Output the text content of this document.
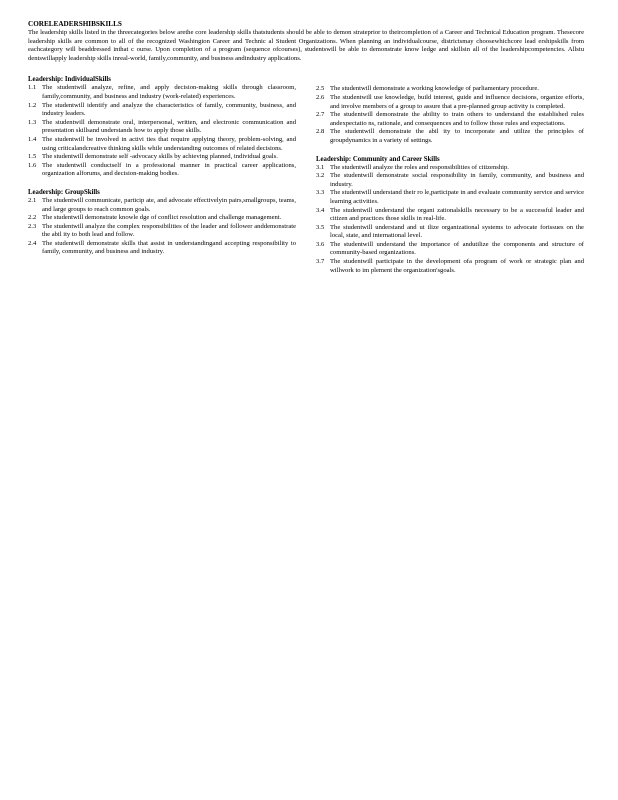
CORELEADERSHIBSKILLS

The leadership skills listed in the threecategories below arethe core leadership skills thatstudents should be able to demon strateprior to theircompletion of a Career and Technical Education program. Thesecore leadership skills are common to all of the recognized Washington Career and Technic al Student Organizations. When planning an individualcourse, districtsmay choosewhichcore lead ershipskills from eachcategory will beaddressed inthat c ourse. Upon completion of a program (sequence ofcourses), studentswill be able to demonstrate know ledge and skillsin all of the leadershipcompetencies. Allstu dentswillapply leadership skills inreal-world, family,community, and business andindustry applications.

Leadership: IndividualSkills

1.1 The studentwill analyze, refine, and apply decision-making skills through classroom, family,community, and business and industry (work-related) experiences.
1.2 The studentwill identify and analyze the characteristics of family, community, business, and industry leaders.
1.3 The studentwill demonstrate oral, interpersonal, written, and electronic communication and presentation skillsand understands how to apply those skills.
1.4 The studentwill be involved in activi ties that require applying theory, problem-solving, and using criticalandcreative thinking skills while understanding outcomes of related decisions.
1.5 The studentwill demonstrate self -advocacy skills by achieving planned, individual goals.
1.6 The studentwill conductself in a professional manner in practical career applications, organization alforums, and decision-making bodies.

Leadership: GroupSkills

2.1 The studentwill communicate, particip ate, and advocate effectivelyin pairs,smallgroups, teams, and large groups to reach common goals.
2.2 The studentwill demonstrate knowle dge of conflict resolution and challenge management.
2.3 The studentwill analyze the complex responsibilities of the leader and follower anddemonstrate the abil ity to both lead and follow.
2.4 The studentwill demonstrate skills that assist in understandingand accepting responsibility to family, community, and business and industry.
2.5 The studentwill demonstrate a working knowledge of parliamentary procedure.
2.6 The studentwill use knowledge, build interest, guide and influence decisions, organize efforts, and involve members of a group to assure that a pre-planned group activity is completed.
2.7 The studentwill demonstrate the ability to train others to understand the established rules andexpectatio ns, rationale, and consequences and to follow those rules and expectations.
2.8 The studentwill demonstrate the abil ity to incorporate and utilize the principles of groupdynamics in a variety of settings.

Leadership: Community and Career Skills

3.1 The studentwill analyze the roles and responsibilities of citizenship.
3.2 The studentwill demonstrate social responsibility in family, community, and business and industry.
3.3 The studentwill understand their ro le,participate in and evaluate community service and service learning activities.
3.4 The studentwill understand the organi zationalskills necessary to be a successful leader and citizen and practices those skills in real-life.
3.5 The studentwill understand and ut ilize organizational systems to advocate forissues on the local, state, and international level.
3.6 The studentwill understand the importance of andutilize the components and structure of community-based organizations.
3.7 The studentwill participate in the development ofa program of work or strategic plan and willwork to im plement the organization'sgoals.
